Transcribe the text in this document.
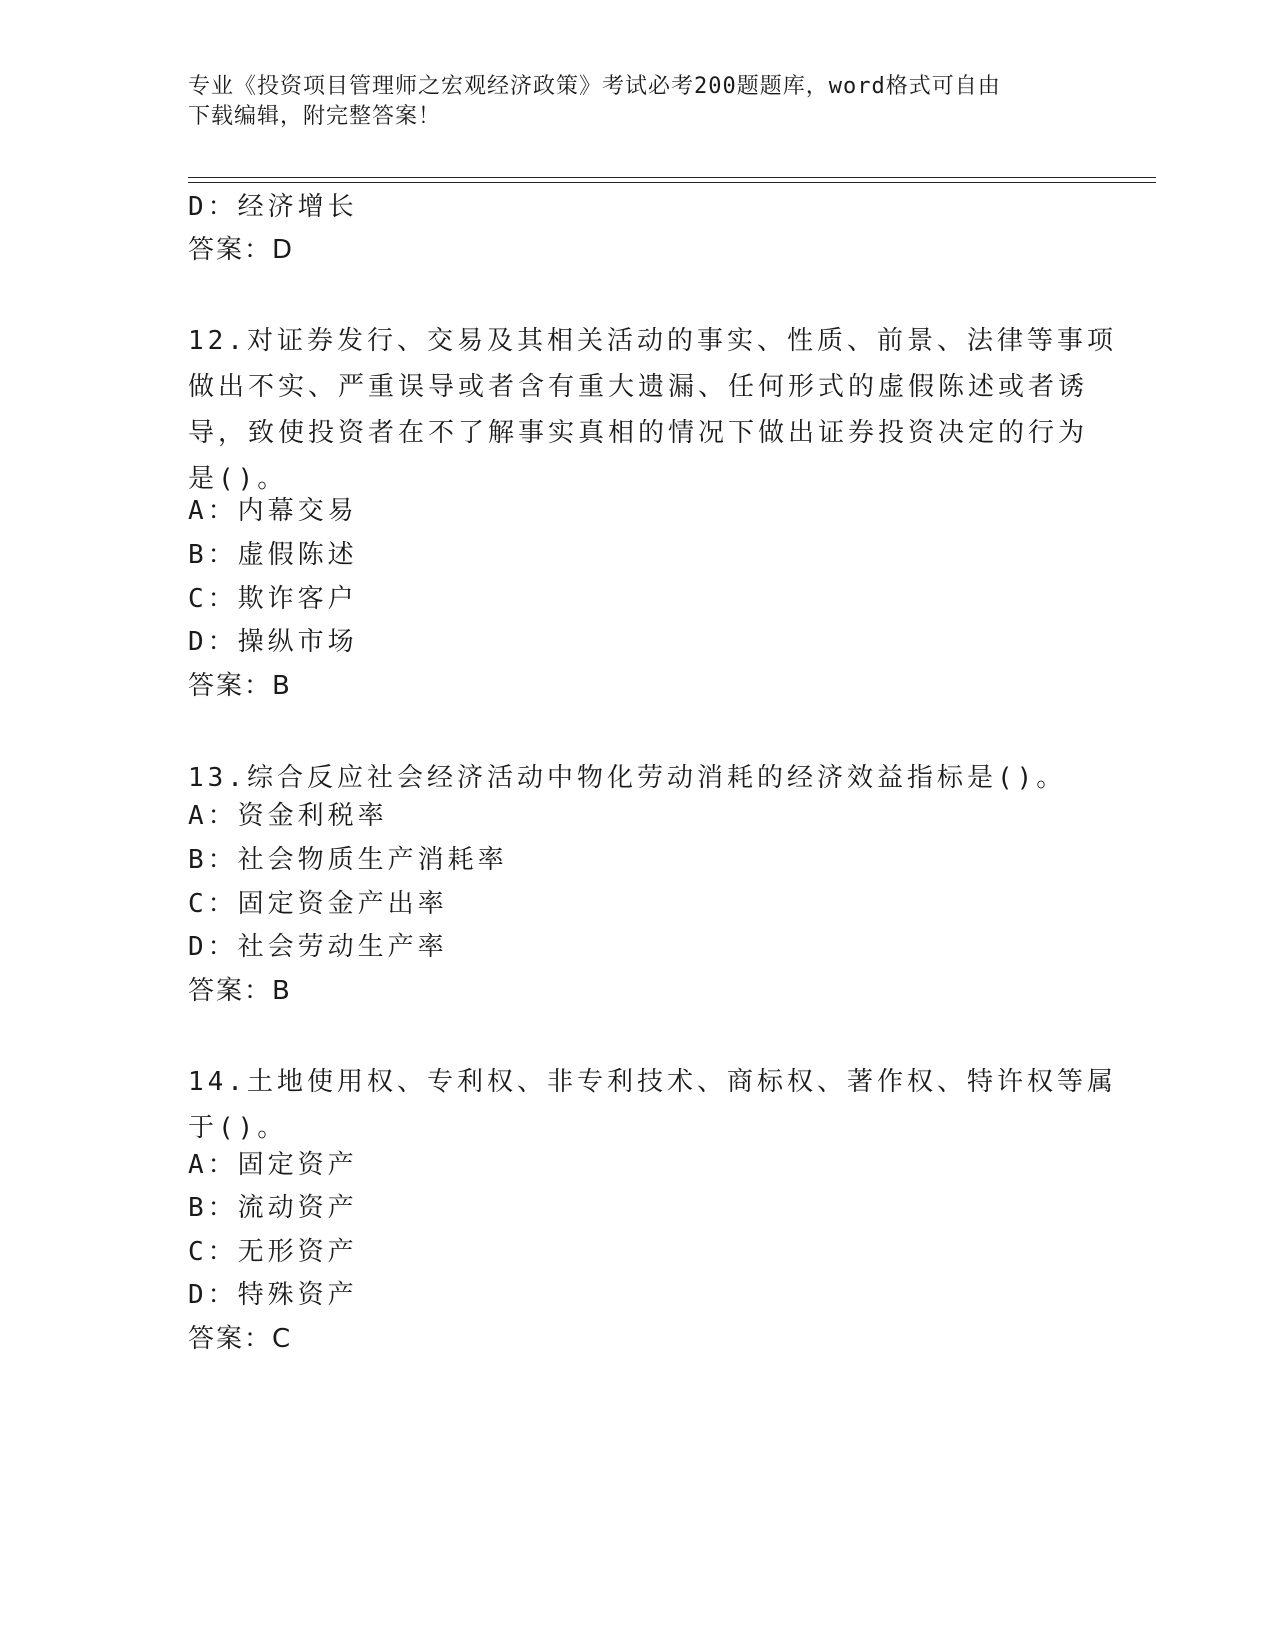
专业《投资项目管理师之宏观经济政策》考试必考200题题库，word格式可自由
下载编辑，附完整答案！
D：经济增长
答案：D
12.对证券发行、交易及其相关活动的事实、性质、前景、法律等事项
做出不实、严重误导或者含有重大遗漏、任何形式的虚假陈述或者诱
导，致使投资者在不了解事实真相的情况下做出证券投资决定的行为
是()。
A：内幕交易
B：虚假陈述
C：欺诈客户
D：操纵市场
答案：B
13.综合反应社会经济活动中物化劳动消耗的经济效益指标是()。
A：资金利税率
B：社会物质生产消耗率
C：固定资金产出率
D：社会劳动生产率
答案：B
14.土地使用权、专利权、非专利技术、商标权、著作权、特许权等属
于()。
A：固定资产
B：流动资产
C：无形资产
D：特殊资产
答案：C
